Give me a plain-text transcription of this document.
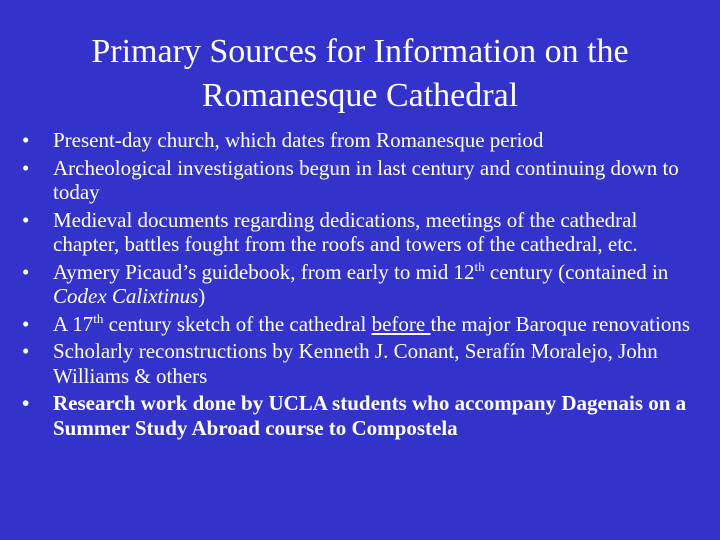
Primary Sources for Information on the
Romanesque Cathedral
•	Present-day church, which dates from Romanesque period
•	Archeological investigations begun in last century and continuing down to today
•	Medieval documents regarding dedications, meetings of the cathedral chapter, battles fought from the roofs and towers of the cathedral, etc.
•	Aymery Picaud’s guidebook, from early to mid 12th century (contained in Codex Calixtinus)
•	A 17th century sketch of the cathedral before the major Baroque renovations
•	Scholarly reconstructions by Kenneth J. Conant, Serafín Moralejo, John Williams & others
•	Research work done by UCLA students who accompany Dagenais on a Summer Study Abroad course to Compostela
